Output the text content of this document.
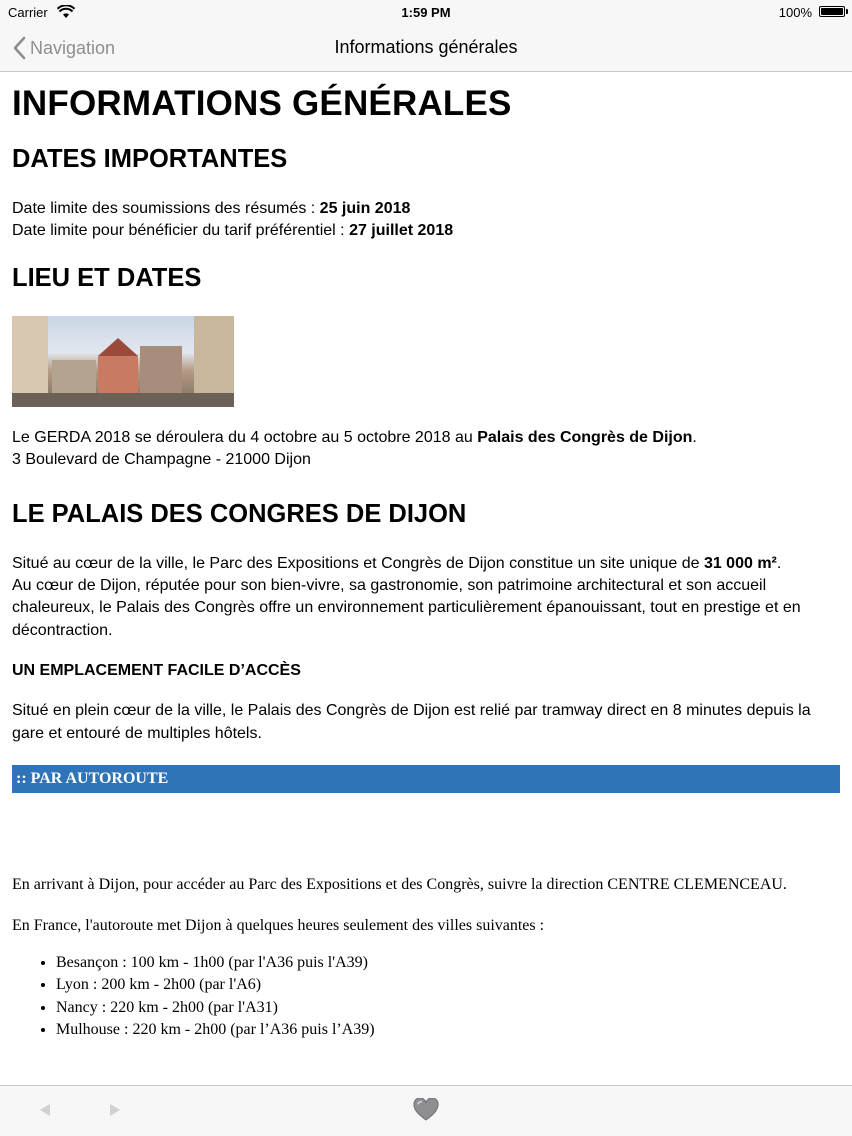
Carrier	1:59 PM	100%
Navigation	Informations générales
INFORMATIONS GÉNÉRALES
DATES IMPORTANTES

Date limite des soumissions des résumés : 25 juin 2018
Date limite pour bénéficier du tarif préférentiel : 27 juillet 2018

LIEU ET DATES

Le GERDA 2018 se déroulera du 4 octobre au 5 octobre 2018 au Palais des Congrès de Dijon.
3 Boulevard de Champagne - 21000 Dijon

LE PALAIS DES CONGRES DE DIJON

Situé au cœur de la ville, le Parc des Expositions et Congrès de Dijon constitue un site unique de 31 000 m².
Au cœur de Dijon, réputée pour son bien-vivre, sa gastronomie, son patrimoine architectural et son accueil chaleureux, le Palais des Congrès offre un environnement particulièrement épanouissant, tout en prestige et en décontraction.

UN EMPLACEMENT FACILE D’ACCÈS

Situé en plein cœur de la ville, le Palais des Congrès de Dijon est relié par tramway direct en 8 minutes depuis la gare et entouré de multiples hôtels.

:: PAR AUTOROUTE

En arrivant à Dijon, pour accéder au Parc des Expositions et des Congrès, suivre la direction CENTRE CLEMENCEAU.

En France, l'autoroute met Dijon à quelques heures seulement des villes suivantes :

• Besançon : 100 km - 1h00 (par l'A36 puis l'A39)
• Lyon : 200 km - 2h00 (par l'A6)
• Nancy : 220 km - 2h00 (par l'A31)
• Mulhouse : 220 km - 2h00 (par l’A36 puis l’A39)
